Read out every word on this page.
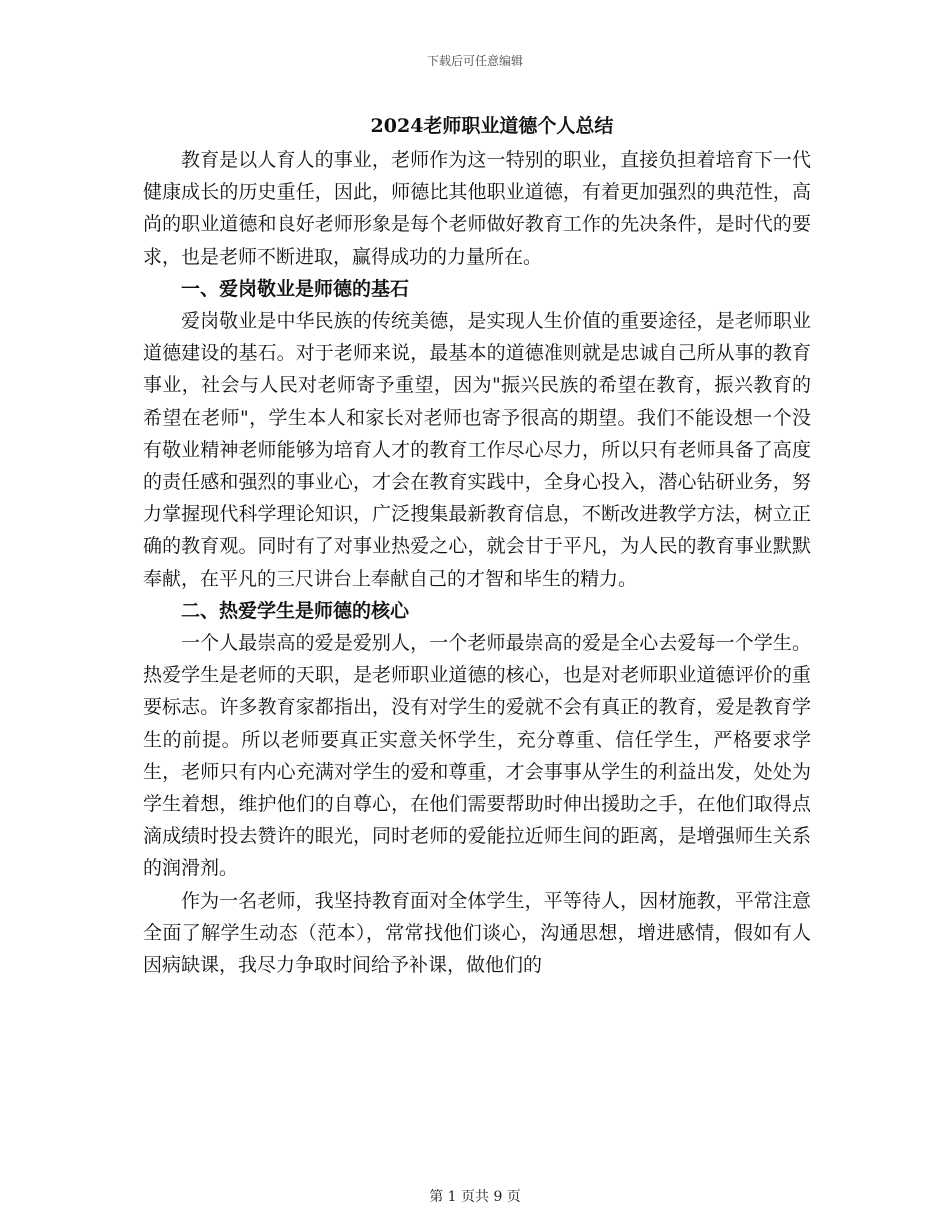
下载后可任意编辑
2024老师职业道德个人总结

教育是以人育人的事业，老师作为这一特别的职业，直接负担着培育下一代健康成长的历史重任，因此，师德比其他职业道德，有着更加强烈的典范性，高尚的职业道德和良好老师形象是每个老师做好教育工作的先决条件，是时代的要求，也是老师不断进取，赢得成功的力量所在。

一、爱岗敬业是师德的基石

爱岗敬业是中华民族的传统美德，是实现人生价值的重要途径，是老师职业道德建设的基石。对于老师来说，最基本的道德准则就是忠诚自己所从事的教育事业，社会与人民对老师寄予重望，因为"振兴民族的希望在教育，振兴教育的希望在老师"，学生本人和家长对老师也寄予很高的期望。我们不能设想一个没有敬业精神老师能够为培育人才的教育工作尽心尽力，所以只有老师具备了高度的责任感和强烈的事业心，才会在教育实践中，全身心投入，潜心钻研业务，努力掌握现代科学理论知识，广泛搜集最新教育信息，不断改进教学方法，树立正确的教育观。同时有了对事业热爱之心，就会甘于平凡，为人民的教育事业默默奉献，在平凡的三尺讲台上奉献自己的才智和毕生的精力。

二、热爱学生是师德的核心

一个人最崇高的爱是爱别人，一个老师最崇高的爱是全心去爱每一个学生。热爱学生是老师的天职，是老师职业道德的核心，也是对老师职业道德评价的重要标志。许多教育家都指出，没有对学生的爱就不会有真正的教育，爱是教育学生的前提。所以老师要真正实意关怀学生，充分尊重、信任学生，严格要求学生，老师只有内心充满对学生的爱和尊重，才会事事从学生的利益出发，处处为学生着想，维护他们的自尊心，在他们需要帮助时伸出援助之手，在他们取得点滴成绩时投去赞许的眼光，同时老师的爱能拉近师生间的距离，是增强师生关系的润滑剂。

作为一名老师，我坚持教育面对全体学生，平等待人，因材施教，平常注意全面了解学生动态（范本），常常找他们谈心，沟通思想，增进感情，假如有人因病缺课，我尽力争取时间给予补课，做他们的

第 1 页共 9 页
